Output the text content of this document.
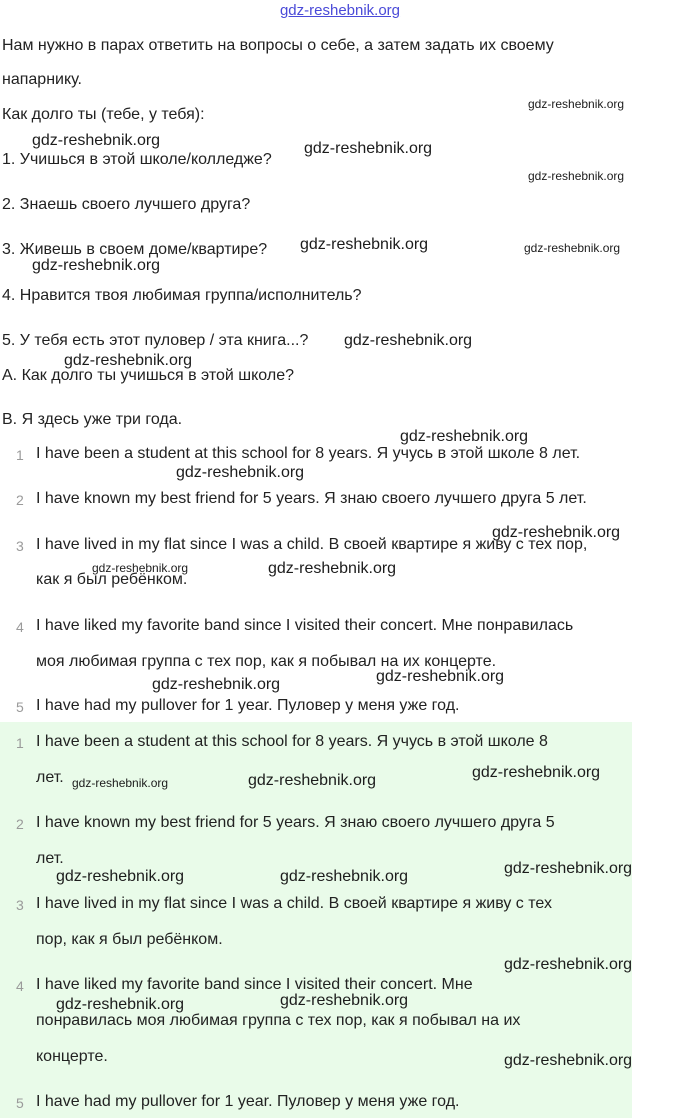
gdz-reshebnik.org
Нам нужно в парах ответить на вопросы о себе, а затем задать их своему
напарнику.
Как долго ты (тебе, у тебя):
1. Учишься в этой школе/колледже?
2. Знаешь своего лучшего друга?
3. Живешь в своем доме/квартире?
4. Нравится твоя любимая группа/исполнитель?
5. У тебя есть этот пуловер / эта книга...?
A. Как долго ты учишься в этой школе?
B. Я здесь уже три года.
1 I have been a student at this school for 8 years. Я учусь в этой школе 8 лет.
2 I have known my best friend for 5 years. Я знаю своего лучшего друга 5 лет.
3 I have lived in my flat since I was a child. В своей квартире я живу с тех пор,
как я был ребёнком.
4 I have liked my favorite band since I visited their concert. Мне понравилась
моя любимая группа с тех пор, как я побывал на их концерте.
5 I have had my pullover for 1 year. Пуловер у меня уже год.
1 I have been a student at this school for 8 years. Я учусь в этой школе 8
лет.
2 I have known my best friend for 5 years. Я знаю своего лучшего друга 5
лет.
3 I have lived in my flat since I was a child. В своей квартире я живу с тех
пор, как я был ребёнком.
4 I have liked my favorite band since I visited their concert. Мне
понравилась моя любимая группа с тех пор, как я побывал на их
концерте.
5 I have had my pullover for 1 year. Пуловер у меня уже год.
gdz-reshebnik.org
gdz-reshebnik.org	gdz-reshebnik.org
gdz-reshebnik.org
gdz-reshebnik.org	gdz-reshebnik.org
gdz-reshebnik.org
gdz-reshebnik.org
gdz-reshebnik.org
gdz-reshebnik.org
gdz-reshebnik.org
gdz-reshebnik.org
gdz-reshebnik.org	gdz-reshebnik.org
gdz-reshebnik.org
gdz-reshebnik.org
gdz-reshebnik.org	gdz-reshebnik.org	gdz-reshebnik.org
gdz-reshebnik.org
gdz-reshebnik.org	gdz-reshebnik.org
gdz-reshebnik.org
gdz-reshebnik.org
gdz-reshebnik.org
gdz-reshebnik.org
